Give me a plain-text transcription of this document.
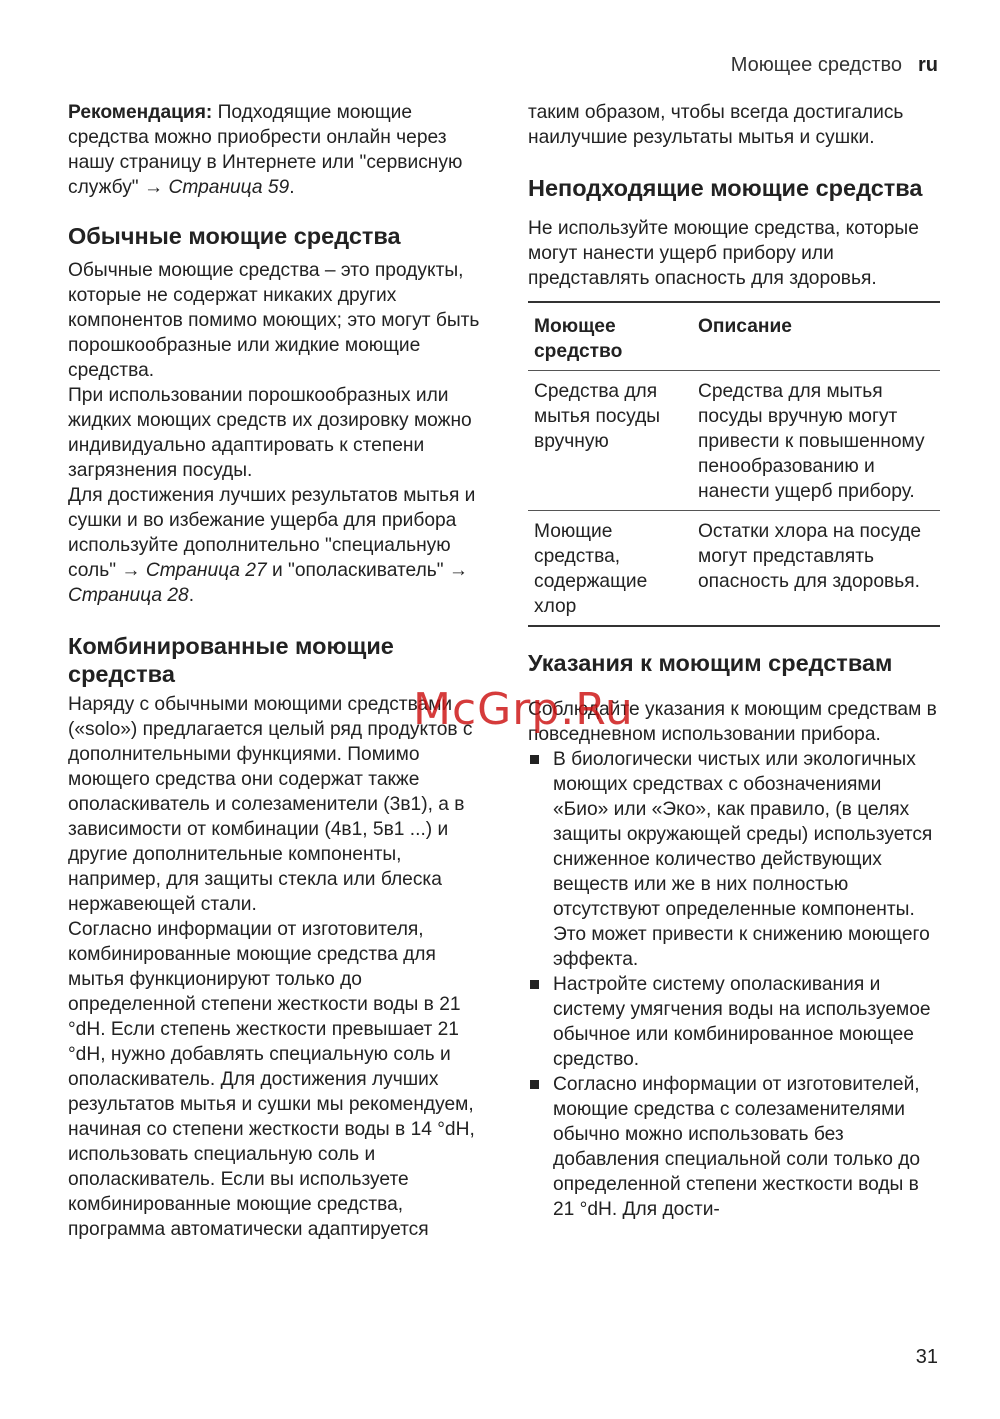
Моющее средство ru

Рекомендация: Подходящие моющие средства можно приобрести онлайн через нашу страницу в Интернете или "сервисную службу" → Страница 59.

Обычные моющие средства

Обычные моющие средства – это продукты, которые не содержат никаких других компонентов помимо моющих; это могут быть порошкообразные или жидкие моющие средства.

При использовании порошкообразных или жидких моющих средств их дозировку можно индивидуально адаптировать к степени загрязнения посуды.

Для достижения лучших результатов мытья и сушки и во избежание ущерба для прибора используйте дополнительно "специальную соль" → Страница 27 и "ополаскиватель" → Страница 28.

Комбинированные моющие средства

Наряду с обычными моющими средствами («solo») предлагается целый ряд продуктов с дополнительными функциями. Помимо моющего средства они содержат также ополаскиватель и солезаменители (3в1), а в зависимости от комбинации (4в1, 5в1 ...) и другие дополнительные компоненты, например, для защиты стекла или блеска нержавеющей стали.

Согласно информации от изготовителя, комбинированные моющие средства для мытья функционируют только до определенной степени жесткости воды в 21 °dH. Если степень жесткости превышает 21 °dH, нужно добавлять специальную соль и ополаскиватель. Для достижения лучших результатов мытья и сушки мы рекомендуем, начиная со степени жесткости воды в 14 °dH, использовать специальную соль и ополаскиватель. Если вы используете комбинированные моющие средства, программа автоматически адаптируется

таким образом, чтобы всегда достигались наилучшие результаты мытья и сушки.

Неподходящие моющие средства

Не используйте моющие средства, которые могут нанести ущерб прибору или представлять опасность для здоровья.

Моющее средство	Описание
Средства для мытья посуды вручную	Средства для мытья посуды вручную могут привести к повышенному пенообразованию и нанести ущерб прибору.
Моющие средства, содержащие хлор	Остатки хлора на посуде могут представлять опасность для здоровья.
Указания к моющим средствам

Соблюдайте указания к моющим средствам в повседневном использовании прибора.

В биологически чистых или экологичных моющих средствах с обозначениями «Био» или «Эко», как правило, (в целях защиты окружающей среды) используется сниженное количество действующих веществ или же в них полностью отсутствуют определенные компоненты. Это может привести к снижению моющего эффекта.
Настройте систему ополаскивания и систему умягчения воды на используемое обычное или комбинированное моющее средство.
Согласно информации от изготовителей, моющие средства с солезаменителями обычно можно использовать без добавления специальной соли только до определенной степени жесткости воды в 21 °dH. Для дости-
McGrp.Ru
31
